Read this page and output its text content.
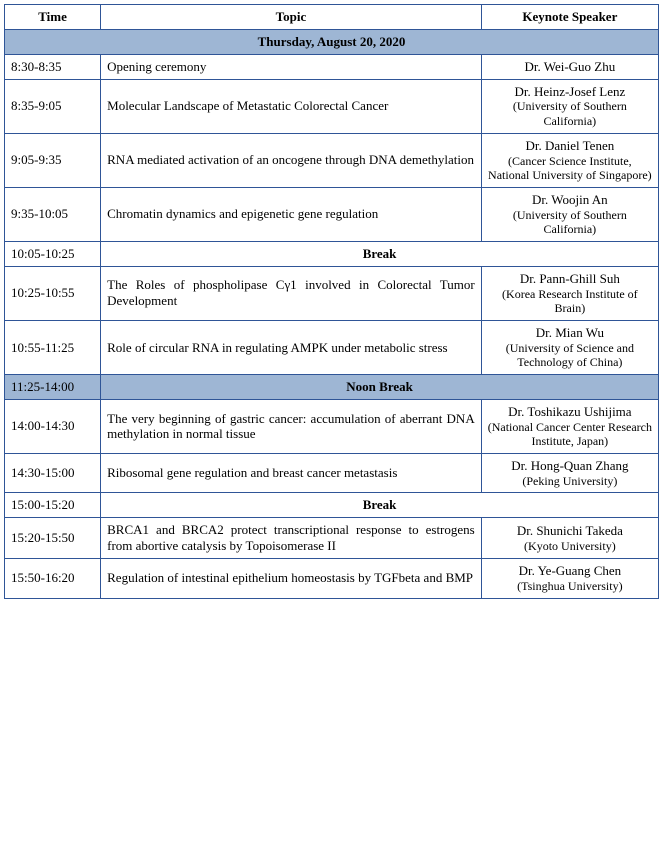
Time	Topic	Keynote Speaker
Thursday, August 20, 2020		
8:30-8:35	Opening ceremony	Dr. Wei-Guo Zhu

8:35-9:05	Molecular Landscape of Metastatic Colorectal Cancer	Dr. Heinz-Josef Lenz
(University of Southern California)

9:05-9:35	RNA mediated activation of an oncogene through DNA demethylation	Dr. Daniel Tenen
(Cancer Science Institute, National University of Singapore)

9:35-10:05	Chromatin dynamics and epigenetic gene regulation	Dr. Woojin An
(University of Southern California)

10:05-10:25	Break	
10:25-10:55	The Roles of phospholipase Cγ1 involved in Colorectal Tumor Development	Dr. Pann-Ghill Suh
(Korea Research Institute of Brain)

10:55-11:25	Role of circular RNA in regulating AMPK under metabolic stress	Dr. Mian Wu
(University of Science and Technology of China)

11:25-14:00	Noon Break	
14:00-14:30	The very beginning of gastric cancer: accumulation of aberrant DNA methylation in normal tissue	Dr. Toshikazu Ushijima
(National Cancer Center Research Institute, Japan)

14:30-15:00	Ribosomal gene regulation and breast cancer metastasis	Dr. Hong-Quan Zhang
(Peking University)

15:00-15:20	Break	
15:20-15:50	BRCA1 and BRCA2 protect transcriptional response to estrogens from abortive catalysis by Topoisomerase II	Dr. Shunichi Takeda
(Kyoto University)

15:50-16:20	Regulation of intestinal epithelium homeostasis by TGFbeta and BMP	Dr. Ye-Guang Chen
(Tsinghua University)
